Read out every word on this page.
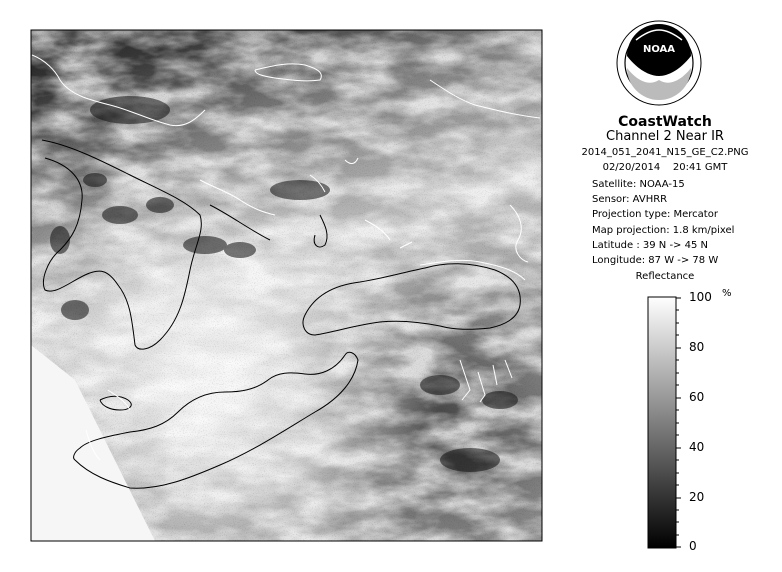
NOAA
CoastWatch
Channel 2 Near IR
2014_051_2041_N15_GE_C2.PNG
02/20/2014    20:41 GMT
Satellite: NOAA-15
Sensor: AVHRR
Projection type: Mercator
Map projection: 1.8 km/pixel
Latitude : 39 N -> 45 N
Longitude: 87 W -> 78 W
Reflectance
%
100
80
60
40
20
0
